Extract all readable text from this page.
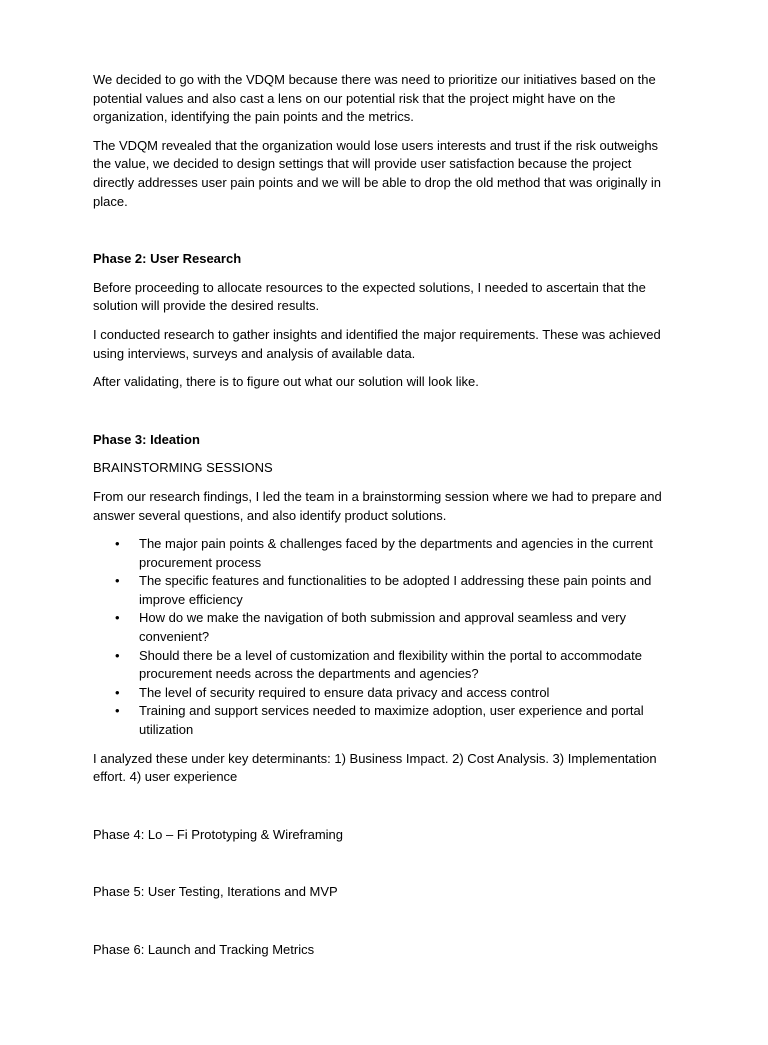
We decided to go with the VDQM because there was need to prioritize our initiatives based on the potential values and also cast a lens on our potential risk that the project might have on the organization, identifying the pain points and the metrics.

The VDQM revealed that the organization would lose users interests and trust if the risk outweighs the value, we decided to design settings that will provide user satisfaction because the project directly addresses user pain points and we will be able to drop the old method that was originally in place.

Phase 2: User Research

Before proceeding to allocate resources to the expected solutions, I needed to ascertain that the solution will provide the desired results.

I conducted research to gather insights and identified the major requirements. These was achieved using interviews, surveys and analysis of available data.

After validating, there is to figure out what our solution will look like.

Phase 3: Ideation

BRAINSTORMING SESSIONS

From our research findings, I led the team in a brainstorming session where we had to prepare and answer several questions, and also identify product solutions.

• The major pain points & challenges faced by the departments and agencies in the current procurement process
• The specific features and functionalities to be adopted I addressing these pain points and improve efficiency
• How do we make the navigation of both submission and approval seamless and very convenient?
• Should there be a level of customization and flexibility within the portal to accommodate procurement needs across the departments and agencies?
• The level of security required to ensure data privacy and access control
• Training and support services needed to maximize adoption, user experience and portal utilization

I analyzed these under key determinants: 1) Business Impact. 2) Cost Analysis. 3) Implementation effort. 4) user experience

Phase 4: Lo – Fi Prototyping & Wireframing

Phase 5: User Testing, Iterations and MVP

Phase 6: Launch and Tracking Metrics
